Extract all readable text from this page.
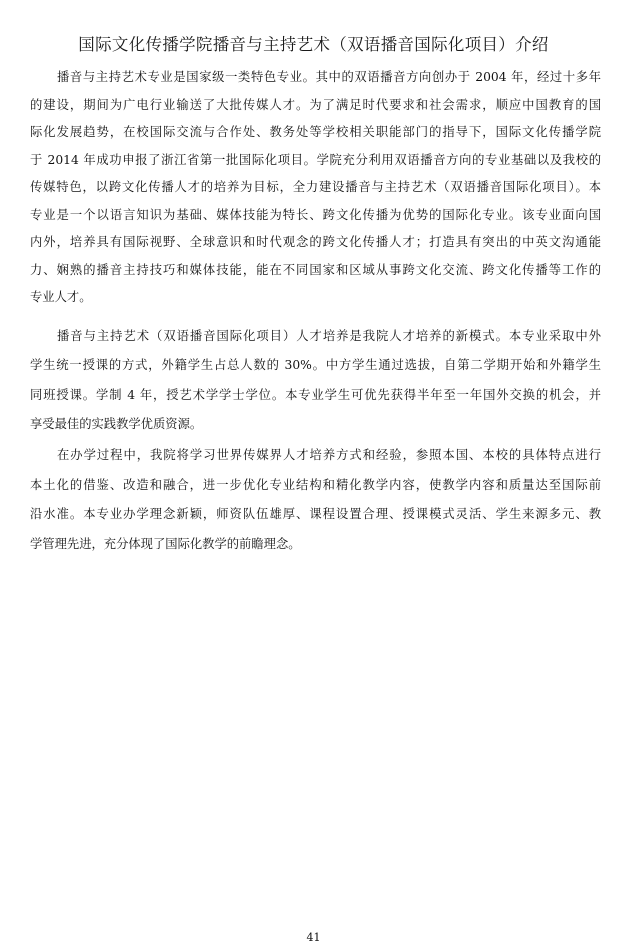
国际文化传播学院播音与主持艺术（双语播音国际化项目）介绍
播音与主持艺术专业是国家级一类特色专业。其中的双语播音方向创办于 2004 年，经过十多年
的建设，期间为广电行业输送了大批传媒人才。为了满足时代要求和社会需求，顺应中国教育的国
际化发展趋势，在校国际交流与合作处、教务处等学校相关职能部门的指导下，国际文化传播学院
于 2014 年成功申报了浙江省第一批国际化项目。学院充分利用双语播音方向的专业基础以及我校的
传媒特色，以跨文化传播人才的培养为目标，全力建设播音与主持艺术（双语播音国际化项目）。本
专业是一个以语言知识为基础、媒体技能为特长、跨文化传播为优势的国际化专业。该专业面向国
内外，培养具有国际视野、全球意识和时代观念的跨文化传播人才；打造具有突出的中英文沟通能
力、娴熟的播音主持技巧和媒体技能，能在不同国家和区域从事跨文化交流、跨文化传播等工作的
专业人才。
播音与主持艺术（双语播音国际化项目）人才培养是我院人才培养的新模式。本专业采取中外
学生统一授课的方式，外籍学生占总人数的 30%。中方学生通过选拔，自第二学期开始和外籍学生
同班授课。学制 4 年，授艺术学学士学位。本专业学生可优先获得半年至一年国外交换的机会，并
享受最佳的实践教学优质资源。
在办学过程中，我院将学习世界传媒界人才培养方式和经验，参照本国、本校的具体特点进行
本土化的借鉴、改造和融合，进一步优化专业结构和精化教学内容，使教学内容和质量达至国际前
沿水准。本专业办学理念新颖，师资队伍雄厚、课程设置合理、授课模式灵活、学生来源多元、教
学管理先进，充分体现了国际化教学的前瞻理念。
41
